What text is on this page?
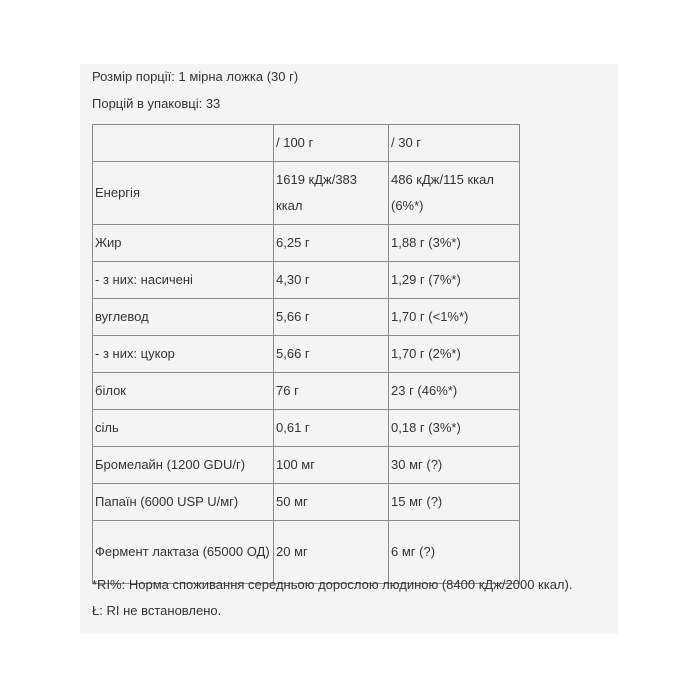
Розмір порції: 1 мірна ложка (30 г)
Порцій в упаковці: 33
	/ 100 г	/ 30 г
Енергія	1619 кДж/383 ккал	486 кДж/115 ккал (6%*)
Жир	6,25 г	1,88 г (3%*)
- з них: насичені	4,30 г	1,29 г (7%*)
вуглевод	5,66 г	1,70 г (<1%*)
- з них: цукор	5,66 г	1,70 г (2%*)
білок	76 г	23 г (46%*)
сіль	0,61 г	0,18 г (3%*)
Бромелайн (1200 GDU/г)	100 мг	30 мг (?)
Папаїн (6000 USP U/мг)	50 мг	15 мг (?)
Фермент лактаза (65000 ОД)	20 мг	6 мг (?)
*RI%: Норма споживання середньою дорослою людиною (8400 кДж/2000 ккал).
Ł: RI не встановлено.
